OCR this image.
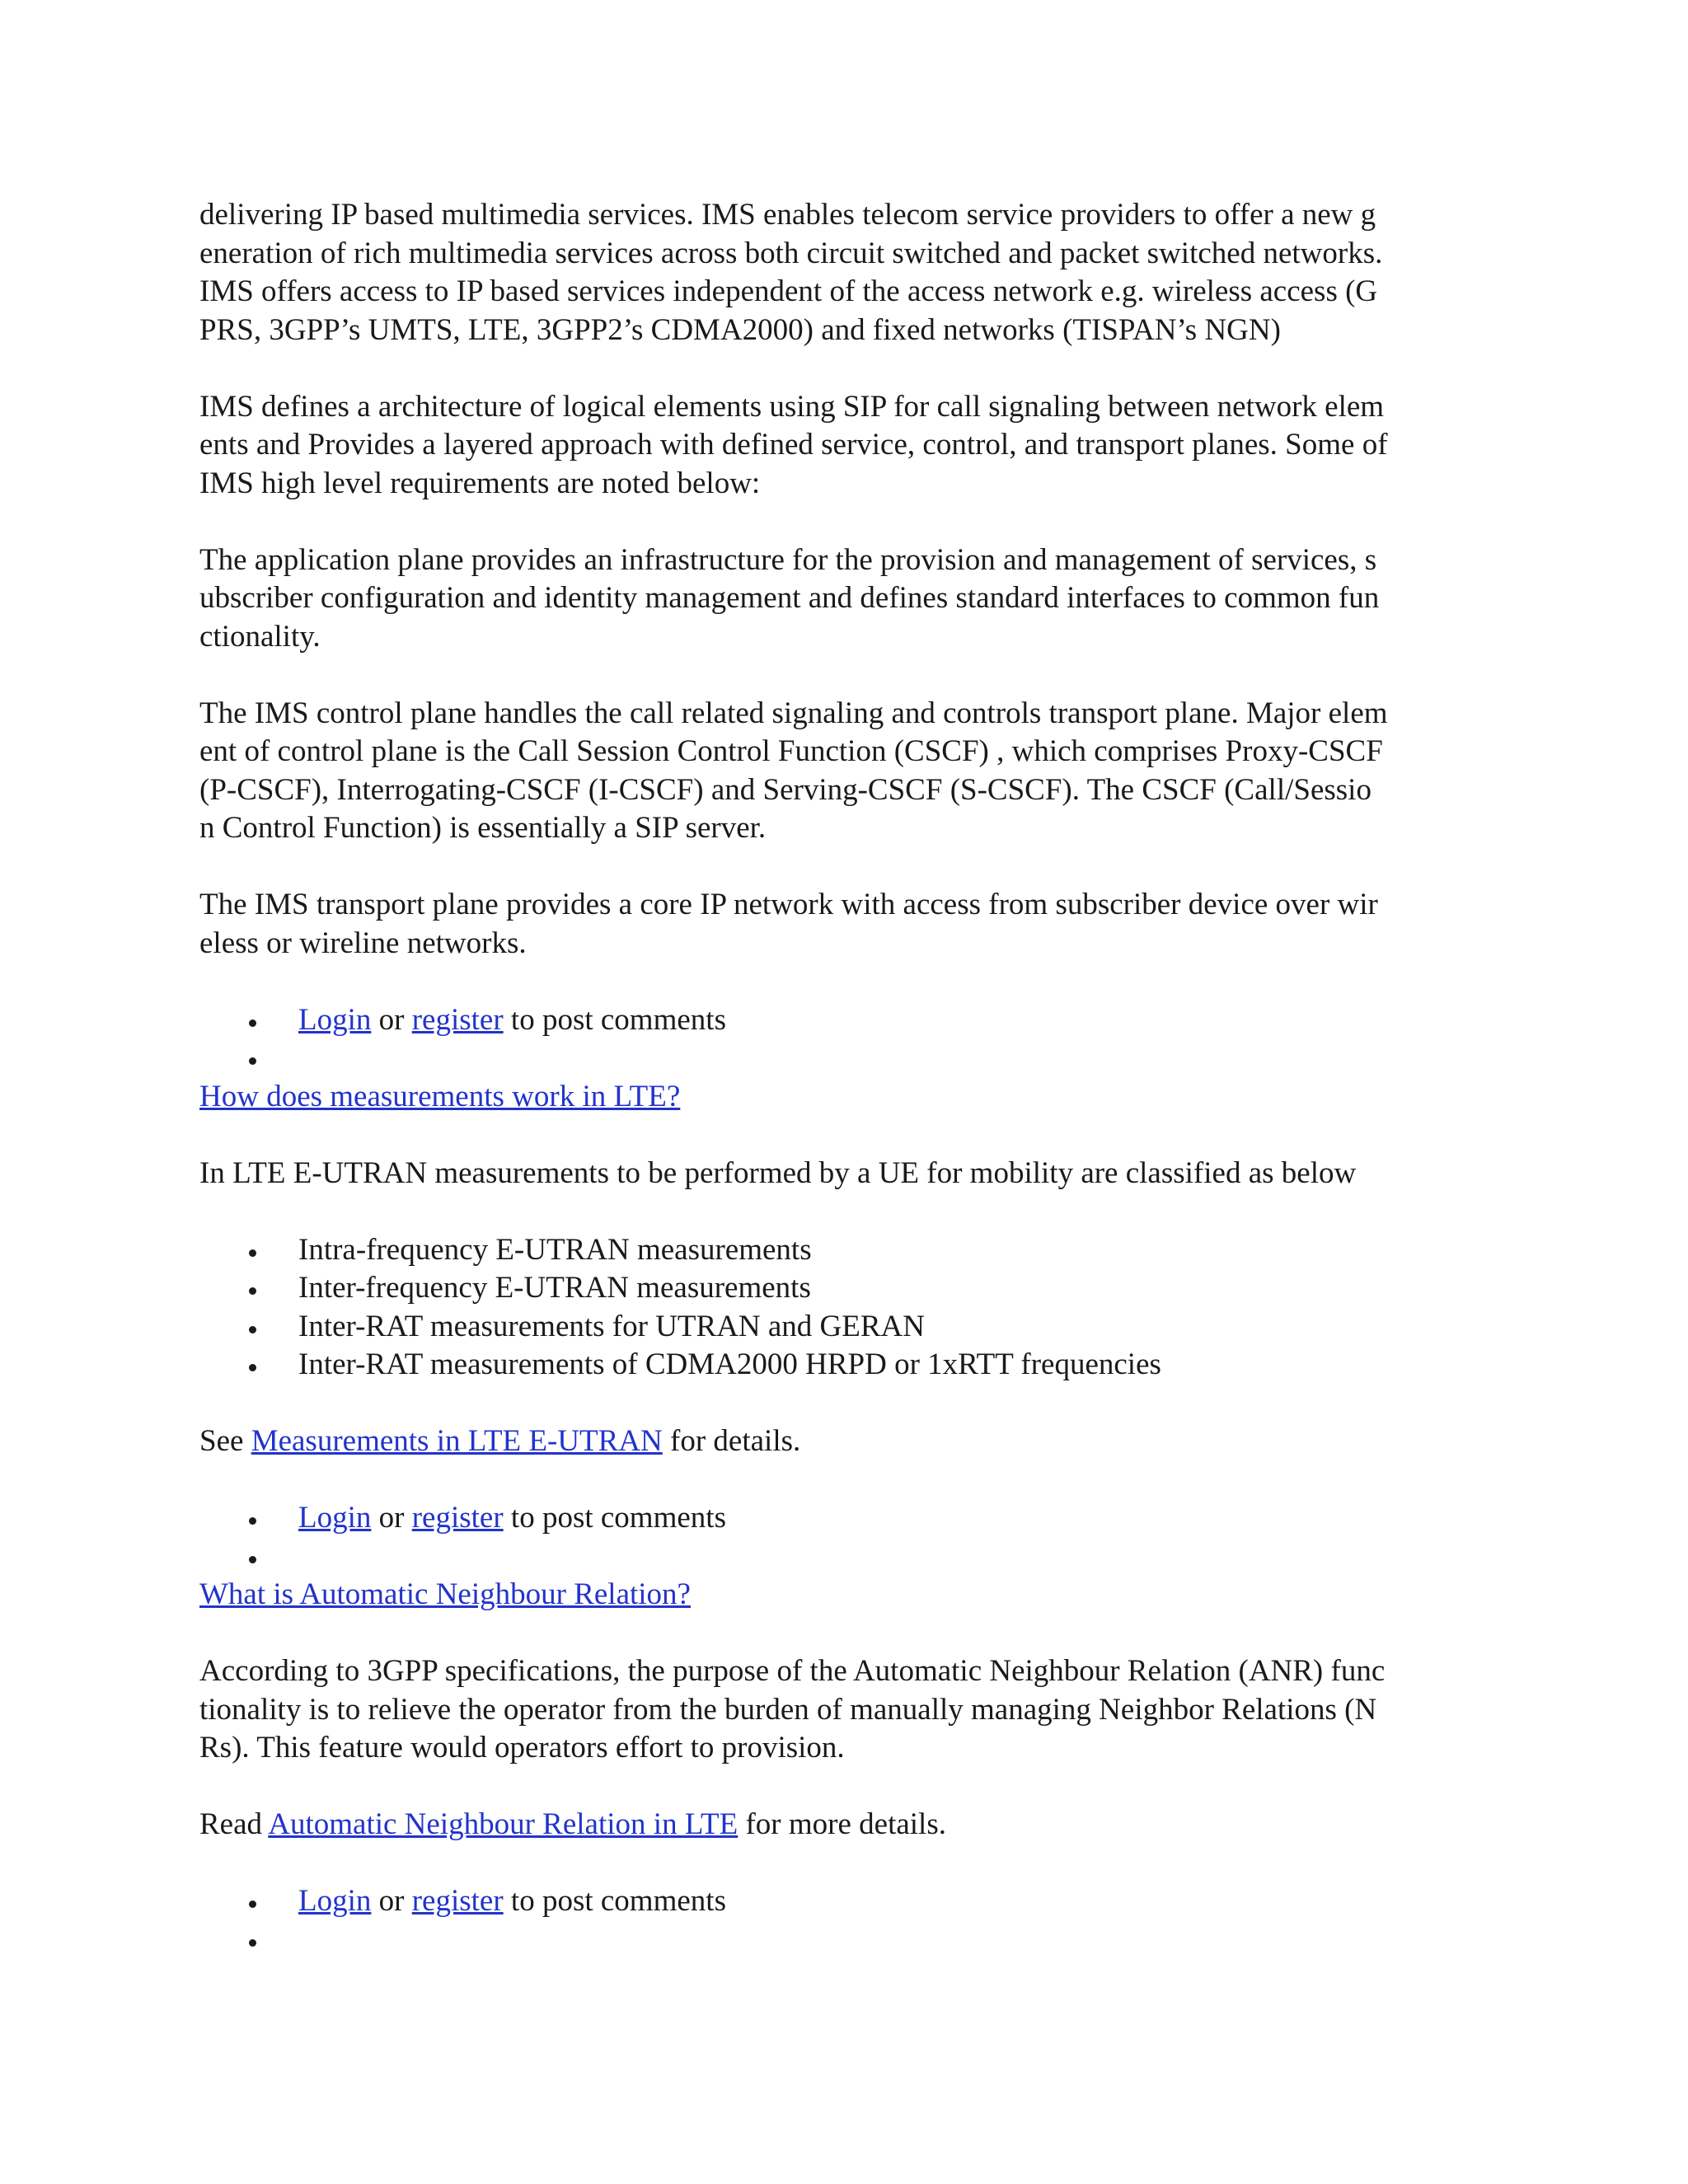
delivering IP based multimedia services. IMS enables telecom service providers to offer a new g
eneration of rich multimedia services across both circuit switched and packet switched networks.
IMS offers access to IP based services independent of the access network e.g. wireless access (G
PRS, 3GPP’s UMTS, LTE, 3GPP2’s CDMA2000) and fixed networks (TISPAN’s NGN)

IMS defines a architecture of logical elements using SIP for call signaling between network elem
ents and Provides a layered approach with defined service, control, and transport planes. Some of
IMS high level requirements are noted below:

The application plane provides an infrastructure for the provision and management of services, s
ubscriber configuration and identity management and defines standard interfaces to common fun
ctionality.

The IMS control plane handles the call related signaling and controls transport plane. Major elem
ent of control plane is the Call Session Control Function (CSCF) , which comprises Proxy-CSCF
(P-CSCF), Interrogating-CSCF (I-CSCF) and Serving-CSCF (S-CSCF). The CSCF (Call/Sessio
n Control Function) is essentially a SIP server.

The IMS transport plane provides a core IP network with access from subscriber device over wir
eless or wireline networks.

Login or register to post comments
How does measurements work in LTE?

In LTE E-UTRAN measurements to be performed by a UE for mobility are classified as below

Intra-frequency E-UTRAN measurements
Inter-frequency E-UTRAN measurements
Inter-RAT measurements for UTRAN and GERAN
Inter-RAT measurements of CDMA2000 HRPD or 1xRTT frequencies

See Measurements in LTE E-UTRAN for details.

Login or register to post comments
What is Automatic Neighbour Relation?

According to 3GPP specifications, the purpose of the Automatic Neighbour Relation (ANR) func
tionality is to relieve the operator from the burden of manually managing Neighbor Relations (N
Rs). This feature would operators effort to provision.

Read Automatic Neighbour Relation in LTE for more details.

Login or register to post comments
